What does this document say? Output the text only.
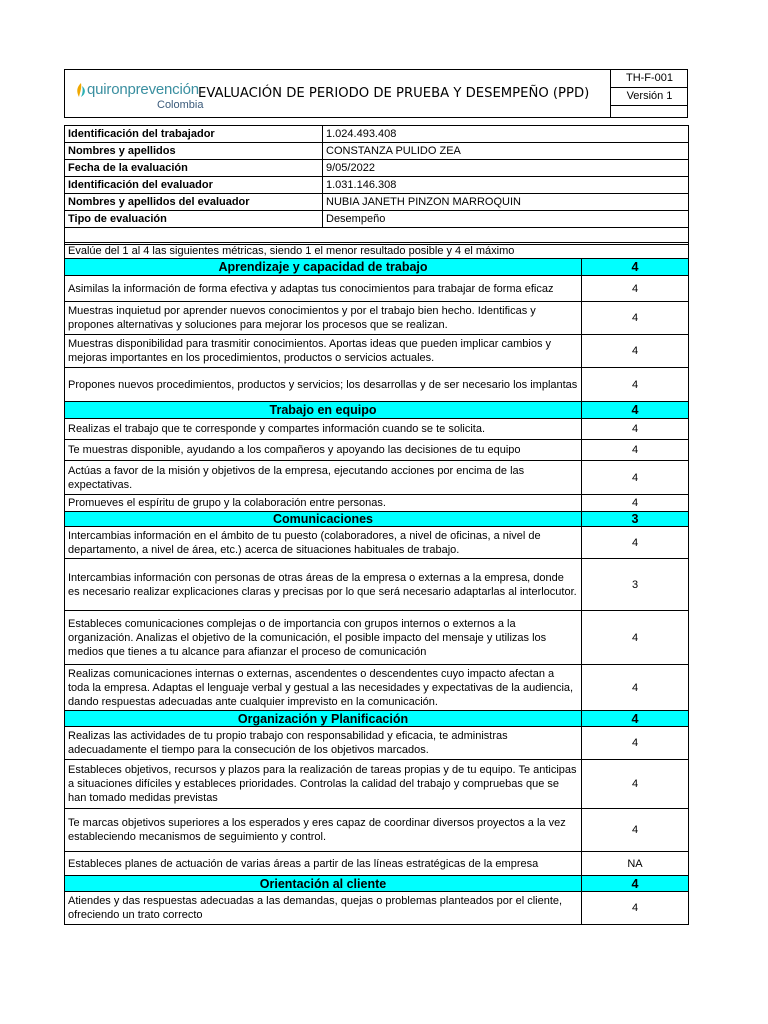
quironprevención
Colombia
EVALUACIÓN DE PERIODO DE PRUEBA Y DESEMPEÑO (PPD)
TH-F-001
Versión 1
Identificación del trabajador	1.024.493.408
Nombres y apellidos	CONSTANZA PULIDO ZEA
Fecha de la evaluación	9/05/2022
Identificación del evaluador	1.031.146.308
Nombres y apellidos del evaluador	NUBIA JANETH PINZON MARROQUIN
Tipo de evaluación	Desempeño

Evalúe del 1 al 4 las siguientes métricas, siendo 1 el menor resultado posible y 4 el máximo	
Aprendizaje y capacidad de trabajo	4
Asimilas la información de forma efectiva y adaptas tus conocimientos para trabajar de forma eficaz	4
Muestras inquietud por aprender nuevos conocimientos y por el trabajo bien hecho. Identificas y propones alternativas y soluciones para mejorar los procesos que se realizan.	4
Muestras disponibilidad para trasmitir conocimientos. Aportas ideas que pueden implicar cambios y mejoras importantes en los procedimientos, productos o servicios actuales.	4
Propones nuevos procedimientos, productos y servicios; los desarrollas y de ser necesario los implantas	4
Trabajo en equipo	4
Realizas el trabajo que te corresponde y compartes información cuando se te solicita.	4
Te muestras disponible, ayudando a los compañeros y apoyando las decisiones de tu equipo	4
Actúas a favor de la misión y objetivos de la empresa, ejecutando acciones por encima de las expectativas.	4
Promueves el espíritu de grupo y la colaboración entre personas.	4
Comunicaciones	3
Intercambias información en el ámbito de tu puesto (colaboradores, a nivel de oficinas, a nivel de departamento, a nivel de área, etc.) acerca de situaciones habituales de trabajo.	4
Intercambias información con personas de otras áreas de la empresa o externas a la empresa, donde es necesario realizar explicaciones claras y precisas por lo que será necesario adaptarlas al interlocutor.	3
Estableces comunicaciones complejas o de importancia con grupos internos o externos a la organización. Analizas el objetivo de la comunicación, el posible impacto del mensaje y utilizas los medios que tienes a tu alcance para afianzar el proceso de comunicación	4
Realizas comunicaciones internas o externas, ascendentes o descendentes cuyo impacto afectan a toda la empresa. Adaptas el lenguaje verbal y gestual a las necesidades y expectativas de la audiencia, dando respuestas adecuadas ante cualquier imprevisto en la comunicación.	4
Organización y Planificación	4
Realizas las actividades de tu propio trabajo con responsabilidad y eficacia, te administras adecuadamente el tiempo para la consecución de los objetivos marcados.	4
Estableces objetivos, recursos y plazos para la realización de tareas propias y de tu equipo. Te anticipas a situaciones difíciles y estableces prioridades. Controlas la calidad del trabajo y compruebas que se han tomado medidas previstas	4
Te marcas objetivos superiores a los esperados y eres capaz de coordinar diversos proyectos a la vez estableciendo mecanismos de seguimiento y control.	4
Estableces planes de actuación de varias áreas a partir de las líneas estratégicas de la empresa	NA
Orientación al cliente	4
Atiendes y das respuestas adecuadas a las demandas, quejas o problemas planteados por el cliente, ofreciendo un trato correcto	4
